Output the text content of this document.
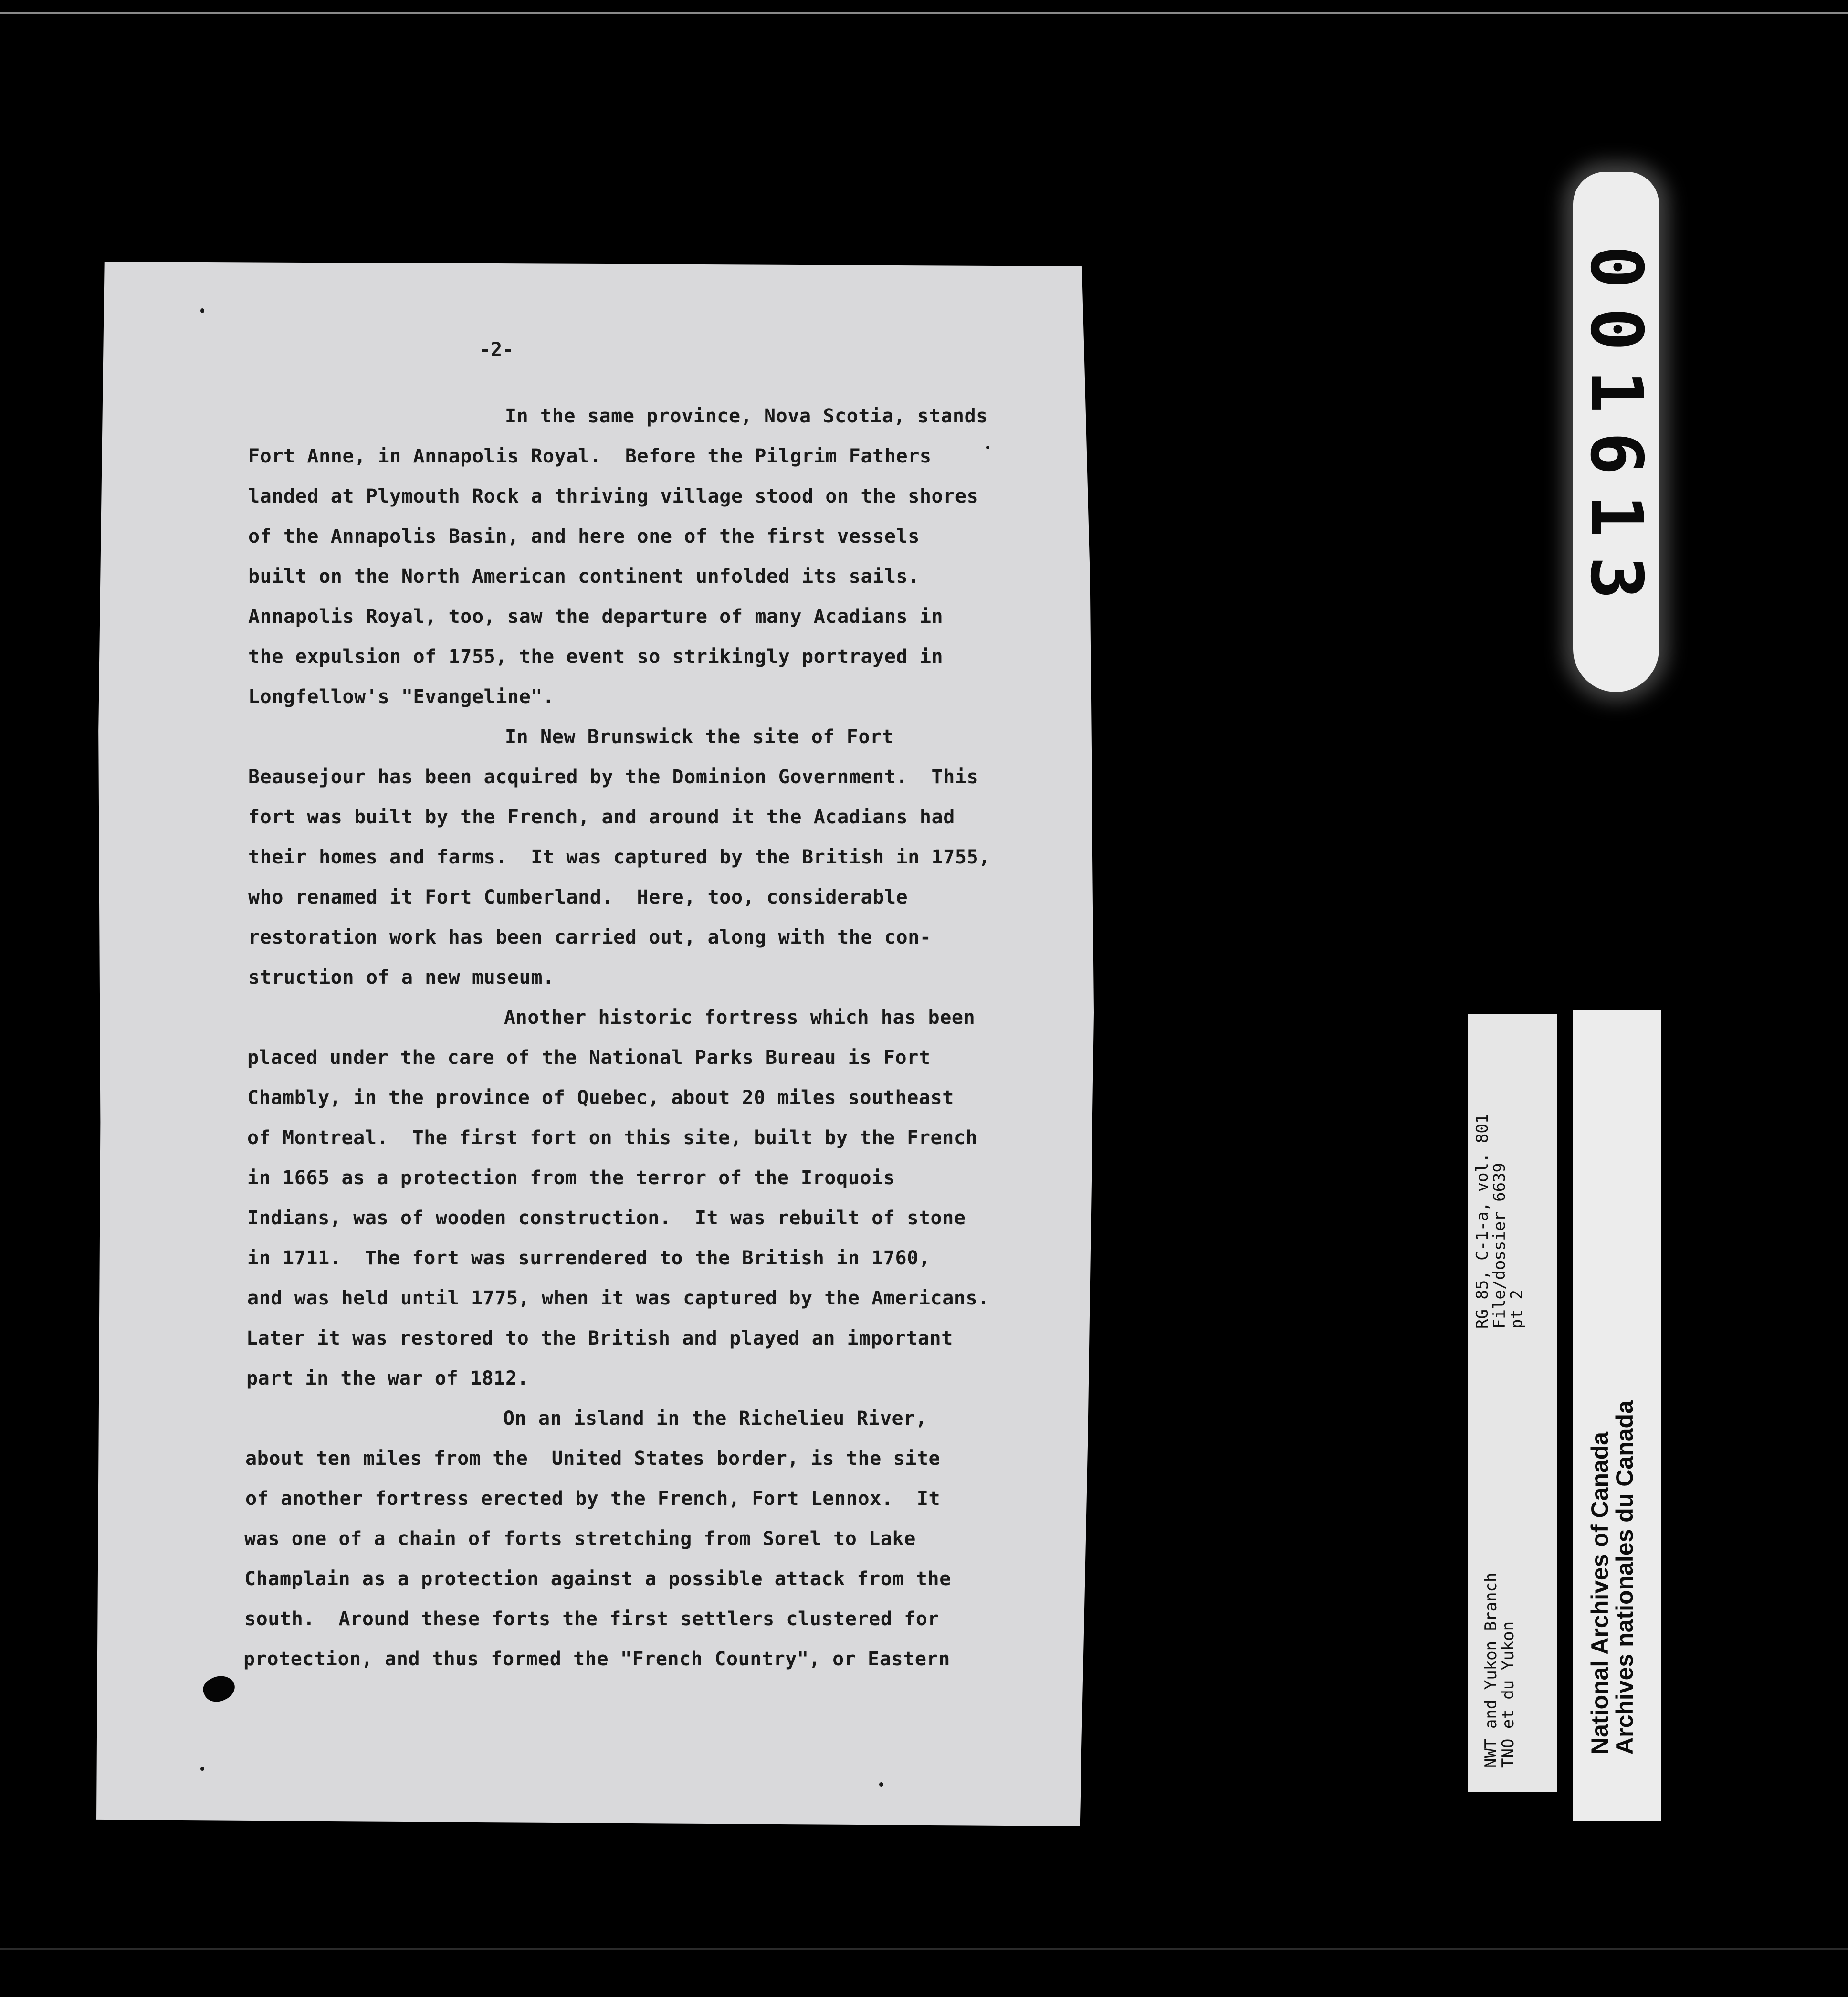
-2-

In the same province, Nova Scotia, stands

Fort Anne, in Annapolis Royal.  Before the Pilgrim Fathers

landed at Plymouth Rock a thriving village stood on the shores

of the Annapolis Basin, and here one of the first vessels

built on the North American continent unfolded its sails.

Annapolis Royal, too, saw the departure of many Acadians in

the expulsion of 1755, the event so strikingly portrayed in

Longfellow's "Evangeline".

In New Brunswick the site of Fort

Beausejour has been acquired by the Dominion Government.  This

fort was built by the French, and around it the Acadians had

their homes and farms.  It was captured by the British in 1755,

who renamed it Fort Cumberland.  Here, too, considerable

restoration work has been carried out, along with the con-

struction of a new museum.

Another historic fortress which has been

placed under the care of the National Parks Bureau is Fort

Chambly, in the province of Quebec, about 20 miles southeast

of Montreal.  The first fort on this site, built by the French

in 1665 as a protection from the terror of the Iroquois

Indians, was of wooden construction.  It was rebuilt of stone

in 1711.  The fort was surrendered to the British in 1760,

and was held until 1775, when it was captured by the Americans.

Later it was restored to the British and played an important

part in the war of 1812.

On an island in the Richelieu River,

about ten miles from the  United States border, is the site

of another fortress erected by the French, Fort Lennox.  It

was one of a chain of forts stretching from Sorel to Lake

Champlain as a protection against a possible attack from the

south.  Around these forts the first settlers clustered for

protection, and thus formed the "French Country", or Eastern

001613
NWT and Yukon Branch
TNO et du Yukon
RG 85, C-1-a, vol. 801
File/dossier 6639
pt 2
National Archives of Canada
Archives nationales du Canada
